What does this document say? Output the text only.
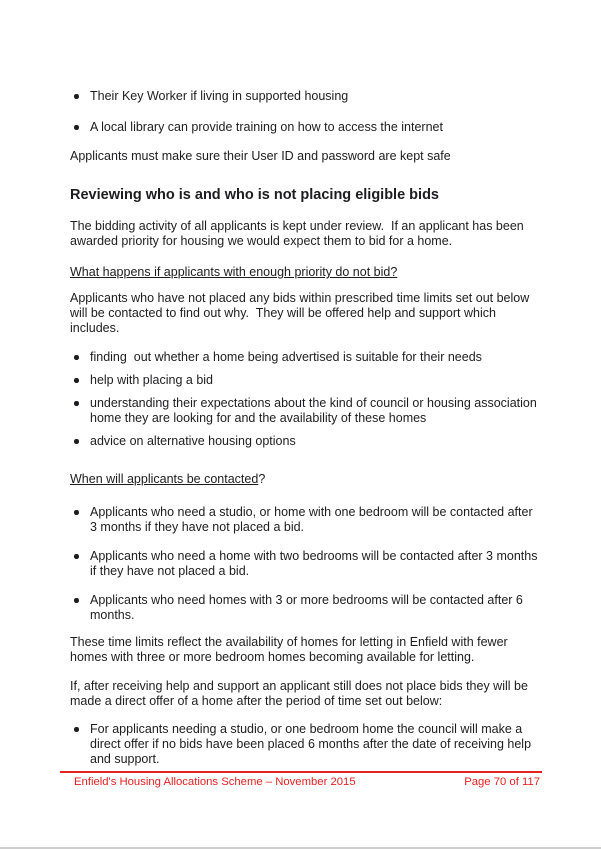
Their Key Worker if living in supported housing
A local library can provide training on how to access the internet

Applicants must make sure their User ID and password are kept safe

Reviewing who is and who is not placing eligible bids

The bidding activity of all applicants is kept under review.  If an applicant has been awarded priority for housing we would expect them to bid for a home.

What happens if applicants with enough priority do not bid?

Applicants who have not placed any bids within prescribed time limits set out below will be contacted to find out why.  They will be offered help and support which includes.

finding  out whether a home being advertised is suitable for their needs
help with placing a bid
understanding their expectations about the kind of council or housing association home they are looking for and the availability of these homes
advice on alternative housing options

When will applicants be contacted?

Applicants who need a studio, or home with one bedroom will be contacted after 3 months if they have not placed a bid.
Applicants who need a home with two bedrooms will be contacted after 3 months if they have not placed a bid.
Applicants who need homes with 3 or more bedrooms will be contacted after 6 months.

These time limits reflect the availability of homes for letting in Enfield with fewer homes with three or more bedroom homes becoming available for letting.

If, after receiving help and support an applicant still does not place bids they will be made a direct offer of a home after the period of time set out below:

For applicants needing a studio, or one bedroom home the council will make a direct offer if no bids have been placed 6 months after the date of receiving help and support.
Enfield's Housing Allocations Scheme – November 2015	Page 70 of 117
